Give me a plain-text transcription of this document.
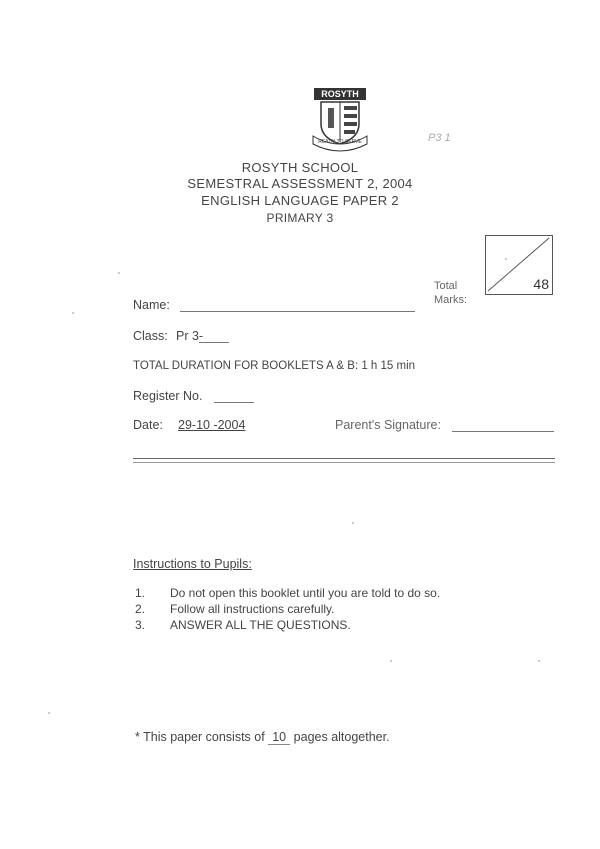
ROSYTH
READY TO SERVE	P3 1
ROSYTH SCHOOL
SEMESTRAL ASSESSMENT 2, 2004
ENGLISH LANGUAGE PAPER 2
PRIMARY 3
48
Total
Marks:
Name:
Class: Pr 3-
TOTAL DURATION FOR BOOKLETS A & B: 1 h 15 min
Register No.
Date: 29-10 -2004	Parent's Signature:
Instructions to Pupils:
1.	Do not open this booklet until you are told to do so.
2.	Follow all instructions carefully.
3.	ANSWER ALL THE QUESTIONS.
* This paper consists of 10 pages altogether.
